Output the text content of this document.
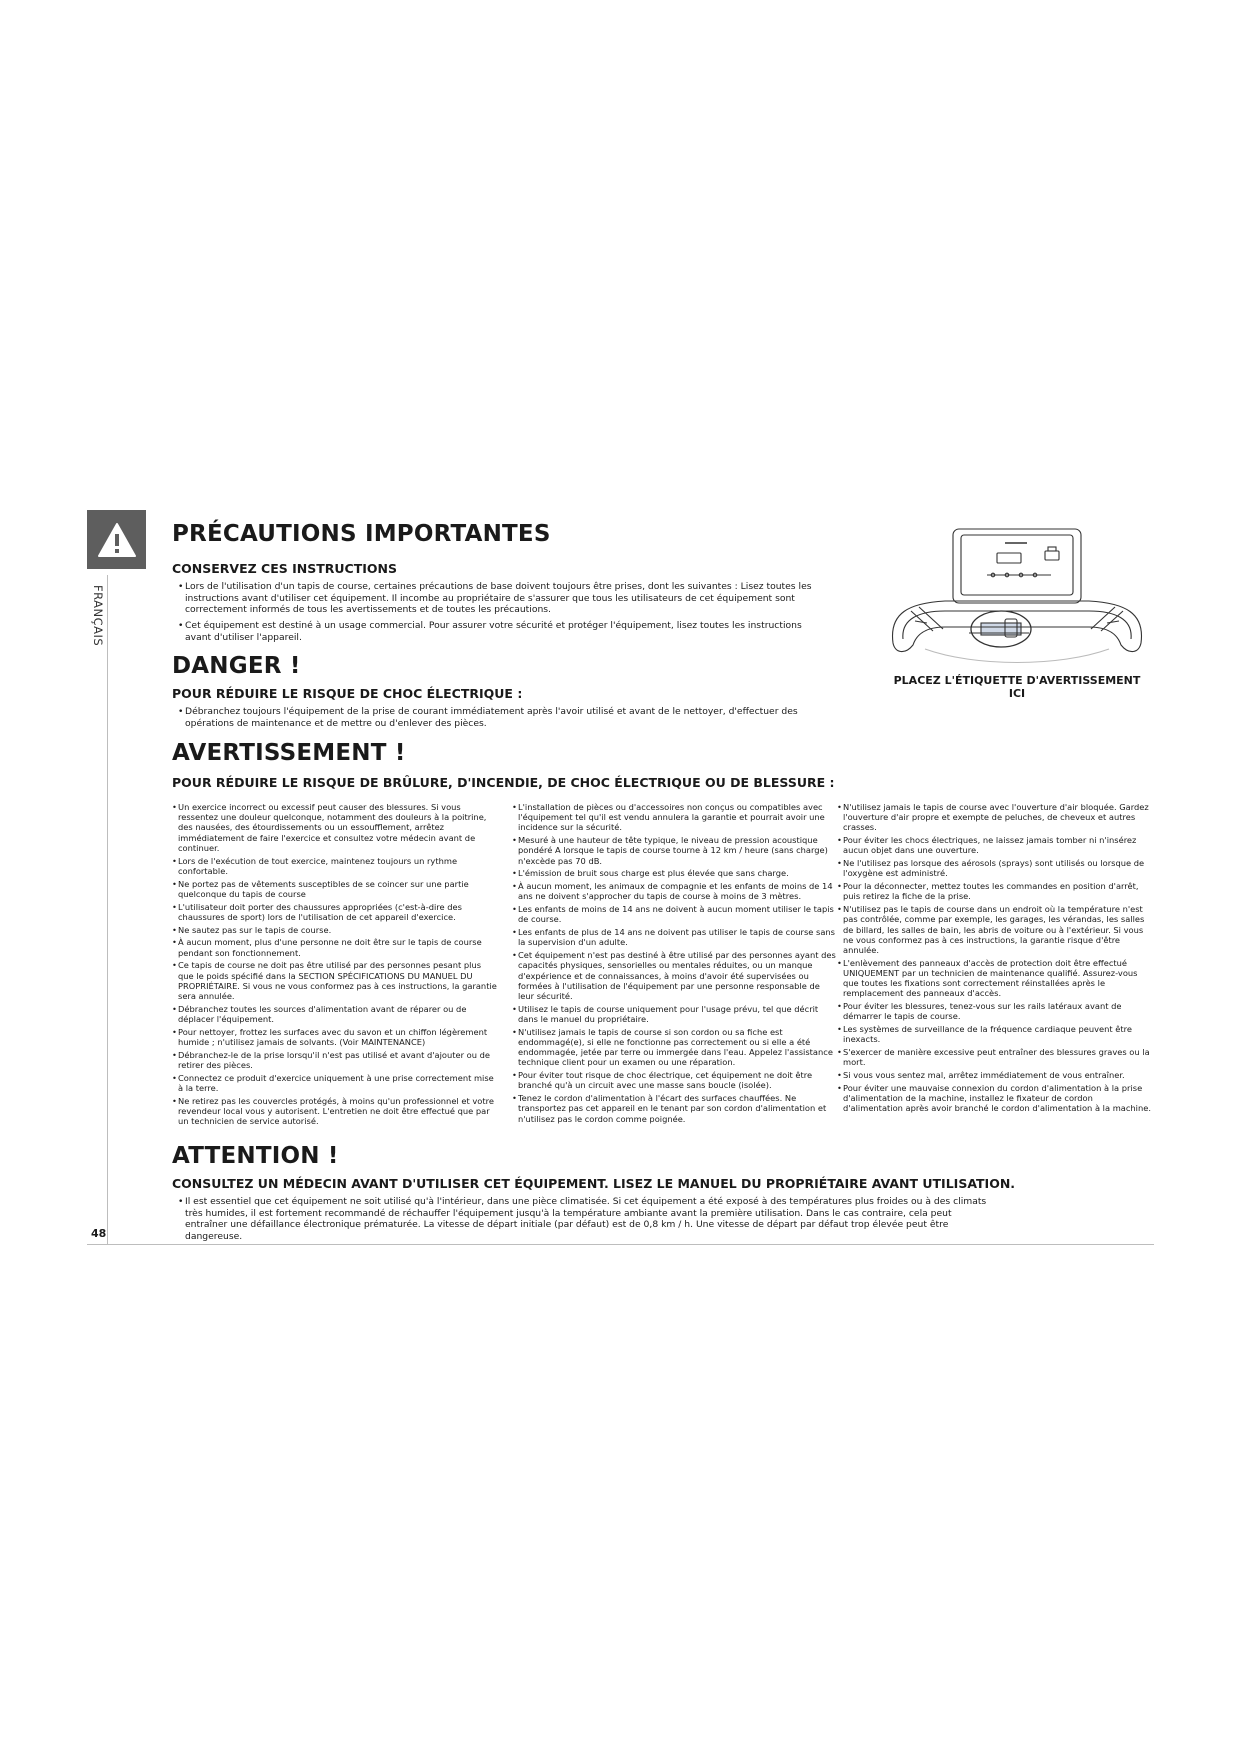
FRANÇAIS
48
PRÉCAUTIONS IMPORTANTES
CONSERVEZ CES INSTRUCTIONS
• Lors de l'utilisation d'un tapis de course, certaines précautions de base doivent toujours être prises, dont les suivantes : Lisez toutes les instructions avant d'utiliser cet équipement. Il incombe au propriétaire de s'assurer que tous les utilisateurs de cet équipement sont correctement informés de tous les avertissements et de toutes les précautions.
• Cet équipement est destiné à un usage commercial. Pour assurer votre sécurité et protéger l'équipement, lisez toutes les instructions avant d'utiliser l'appareil.
DANGER !
POUR RÉDUIRE LE RISQUE DE CHOC ÉLECTRIQUE :
• Débranchez toujours l'équipement de la prise de courant immédiatement après l'avoir utilisé et avant de le nettoyer, d'effectuer des opérations de maintenance et de mettre ou d'enlever des pièces.
AVERTISSEMENT !
POUR RÉDUIRE LE RISQUE DE BRÛLURE, D'INCENDIE, DE CHOC ÉLECTRIQUE OU DE BLESSURE :
• Un exercice incorrect ou excessif peut causer des blessures. Si vous ressentez une douleur quelconque, notamment des douleurs à la poitrine, des nausées, des étourdissements ou un essoufflement, arrêtez immédiatement de faire l'exercice et consultez votre médecin avant de continuer.
• Lors de l'exécution de tout exercice, maintenez toujours un rythme confortable.
• Ne portez pas de vêtements susceptibles de se coincer sur une partie quelconque du tapis de course
• L'utilisateur doit porter des chaussures appropriées (c'est-à-dire des chaussures de sport) lors de l'utilisation de cet appareil d'exercice.
• Ne sautez pas sur le tapis de course.
• À aucun moment, plus d'une personne ne doit être sur le tapis de course pendant son fonctionnement.
• Ce tapis de course ne doit pas être utilisé par des personnes pesant plus que le poids spécifié dans la SECTION SPÉCIFICATIONS DU MANUEL DU PROPRIÉTAIRE. Si vous ne vous conformez pas à ces instructions, la garantie sera annulée.
• Débranchez toutes les sources d'alimentation avant de réparer ou de déplacer l'équipement.
• Pour nettoyer, frottez les surfaces avec du savon et un chiffon légèrement humide ; n'utilisez jamais de solvants. (Voir MAINTENANCE)
• Débranchez-le de la prise lorsqu'il n'est pas utilisé et avant d'ajouter ou de retirer des pièces.
• Connectez ce produit d'exercice uniquement à une prise correctement mise à la terre.
• Ne retirez pas les couvercles protégés, à moins qu'un professionnel et votre revendeur local vous y autorisent. L'entretien ne doit être effectué que par un technicien de service autorisé.
• L'installation de pièces ou d'accessoires non conçus ou compatibles avec l'équipement tel qu'il est vendu annulera la garantie et pourrait avoir une incidence sur la sécurité.
• Mesuré à une hauteur de tête typique, le niveau de pression acoustique pondéré A lorsque le tapis de course tourne à 12 km / heure (sans charge) n'excède pas 70 dB.
• L'émission de bruit sous charge est plus élevée que sans charge.
• À aucun moment, les animaux de compagnie et les enfants de moins de 14 ans ne doivent s'approcher du tapis de course à moins de 3 mètres.
• Les enfants de moins de 14 ans ne doivent à aucun moment utiliser le tapis de course.
• Les enfants de plus de 14 ans ne doivent pas utiliser le tapis de course sans la supervision d'un adulte.
• Cet équipement n'est pas destiné à être utilisé par des personnes ayant des capacités physiques, sensorielles ou mentales réduites, ou un manque d'expérience et de connaissances, à moins d'avoir été supervisées ou formées à l'utilisation de l'équipement par une personne responsable de leur sécurité.
• Utilisez le tapis de course uniquement pour l'usage prévu, tel que décrit dans le manuel du propriétaire.
• N'utilisez jamais le tapis de course si son cordon ou sa fiche est endommagé(e), si elle ne fonctionne pas correctement ou si elle a été endommagée, jetée par terre ou immergée dans l'eau. Appelez l'assistance technique client pour un examen ou une réparation.
• Pour éviter tout risque de choc électrique, cet équipement ne doit être branché qu'à un circuit avec une masse sans boucle (isolée).
• Tenez le cordon d'alimentation à l'écart des surfaces chauffées. Ne transportez pas cet appareil en le tenant par son cordon d'alimentation et n'utilisez pas le cordon comme poignée.
• N'utilisez jamais le tapis de course avec l'ouverture d'air bloquée. Gardez l'ouverture d'air propre et exempte de peluches, de cheveux et autres crasses.
• Pour éviter les chocs électriques, ne laissez jamais tomber ni n'insérez aucun objet dans une ouverture.
• Ne l'utilisez pas lorsque des aérosols (sprays) sont utilisés ou lorsque de l'oxygène est administré.
• Pour la déconnecter, mettez toutes les commandes en position d'arrêt, puis retirez la fiche de la prise.
• N'utilisez pas le tapis de course dans un endroit où la température n'est pas contrôlée, comme par exemple, les garages, les vérandas, les salles de billard, les salles de bain, les abris de voiture ou à l'extérieur. Si vous ne vous conformez pas à ces instructions, la garantie risque d'être annulée.
• L'enlèvement des panneaux d'accès de protection doit être effectué UNIQUEMENT par un technicien de maintenance qualifié. Assurez-vous que toutes les fixations sont correctement réinstallées après le remplacement des panneaux d'accès.
• Pour éviter les blessures, tenez-vous sur les rails latéraux avant de démarrer le tapis de course.
• Les systèmes de surveillance de la fréquence cardiaque peuvent être inexacts.
• S'exercer de manière excessive peut entraîner des blessures graves ou la mort.
• Si vous vous sentez mal, arrêtez immédiatement de vous entraîner.
• Pour éviter une mauvaise connexion du cordon d'alimentation à la prise d'alimentation de la machine, installez le fixateur de cordon d'alimentation après avoir branché le cordon d'alimentation à la machine.
ATTENTION !
CONSULTEZ UN MÉDECIN AVANT D'UTILISER CET ÉQUIPEMENT. LISEZ LE MANUEL DU PROPRIÉTAIRE AVANT UTILISATION.
• Il est essentiel que cet équipement ne soit utilisé qu'à l'intérieur, dans une pièce climatisée. Si cet équipement a été exposé à des températures plus froides ou à des climats très humides, il est fortement recommandé de réchauffer l'équipement jusqu'à la température ambiante avant la première utilisation. Dans le cas contraire, cela peut entraîner une défaillance électronique prématurée. La vitesse de départ initiale (par défaut) est de 0,8 km / h. Une vitesse de départ par défaut trop élevée peut être dangereuse.
PLACEZ L'ÉTIQUETTE D'AVERTISSEMENT ICI
